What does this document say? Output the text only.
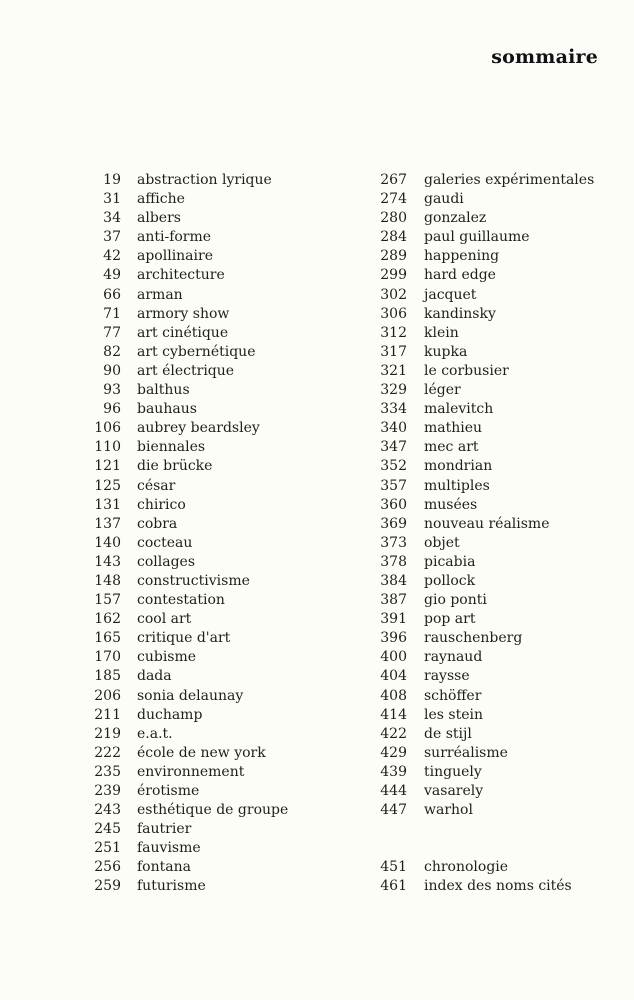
sommaire
19 abstraction lyrique
31 affiche
34 albers
37 anti-forme
42 apollinaire
49 architecture
66 arman
71 armory show
77 art cinétique
82 art cybernétique
90 art électrique
93 balthus
96 bauhaus
106 aubrey beardsley
110 biennales
121 die brücke
125 césar
131 chirico
137 cobra
140 cocteau
143 collages
148 constructivisme
157 contestation
162 cool art
165 critique d'art
170 cubisme
185 dada
206 sonia delaunay
211 duchamp
219 e.a.t.
222 école de new york
235 environnement
239 érotisme
243 esthétique de groupe
245 fautrier
251 fauvisme
256 fontana
259 futurisme
267 galeries expérimentales
274 gaudi
280 gonzalez
284 paul guillaume
289 happening
299 hard edge
302 jacquet
306 kandinsky
312 klein
317 kupka
321 le corbusier
329 léger
334 malevitch
340 mathieu
347 mec art
352 mondrian
357 multiples
360 musées
369 nouveau réalisme
373 objet
378 picabia
384 pollock
387 gio ponti
391 pop art
396 rauschenberg
400 raynaud
404 raysse
408 schöffer
414 les stein
422 de stijl
429 surréalisme
439 tinguely
444 vasarely
447 warhol
451 chronologie
461 index des noms cités
